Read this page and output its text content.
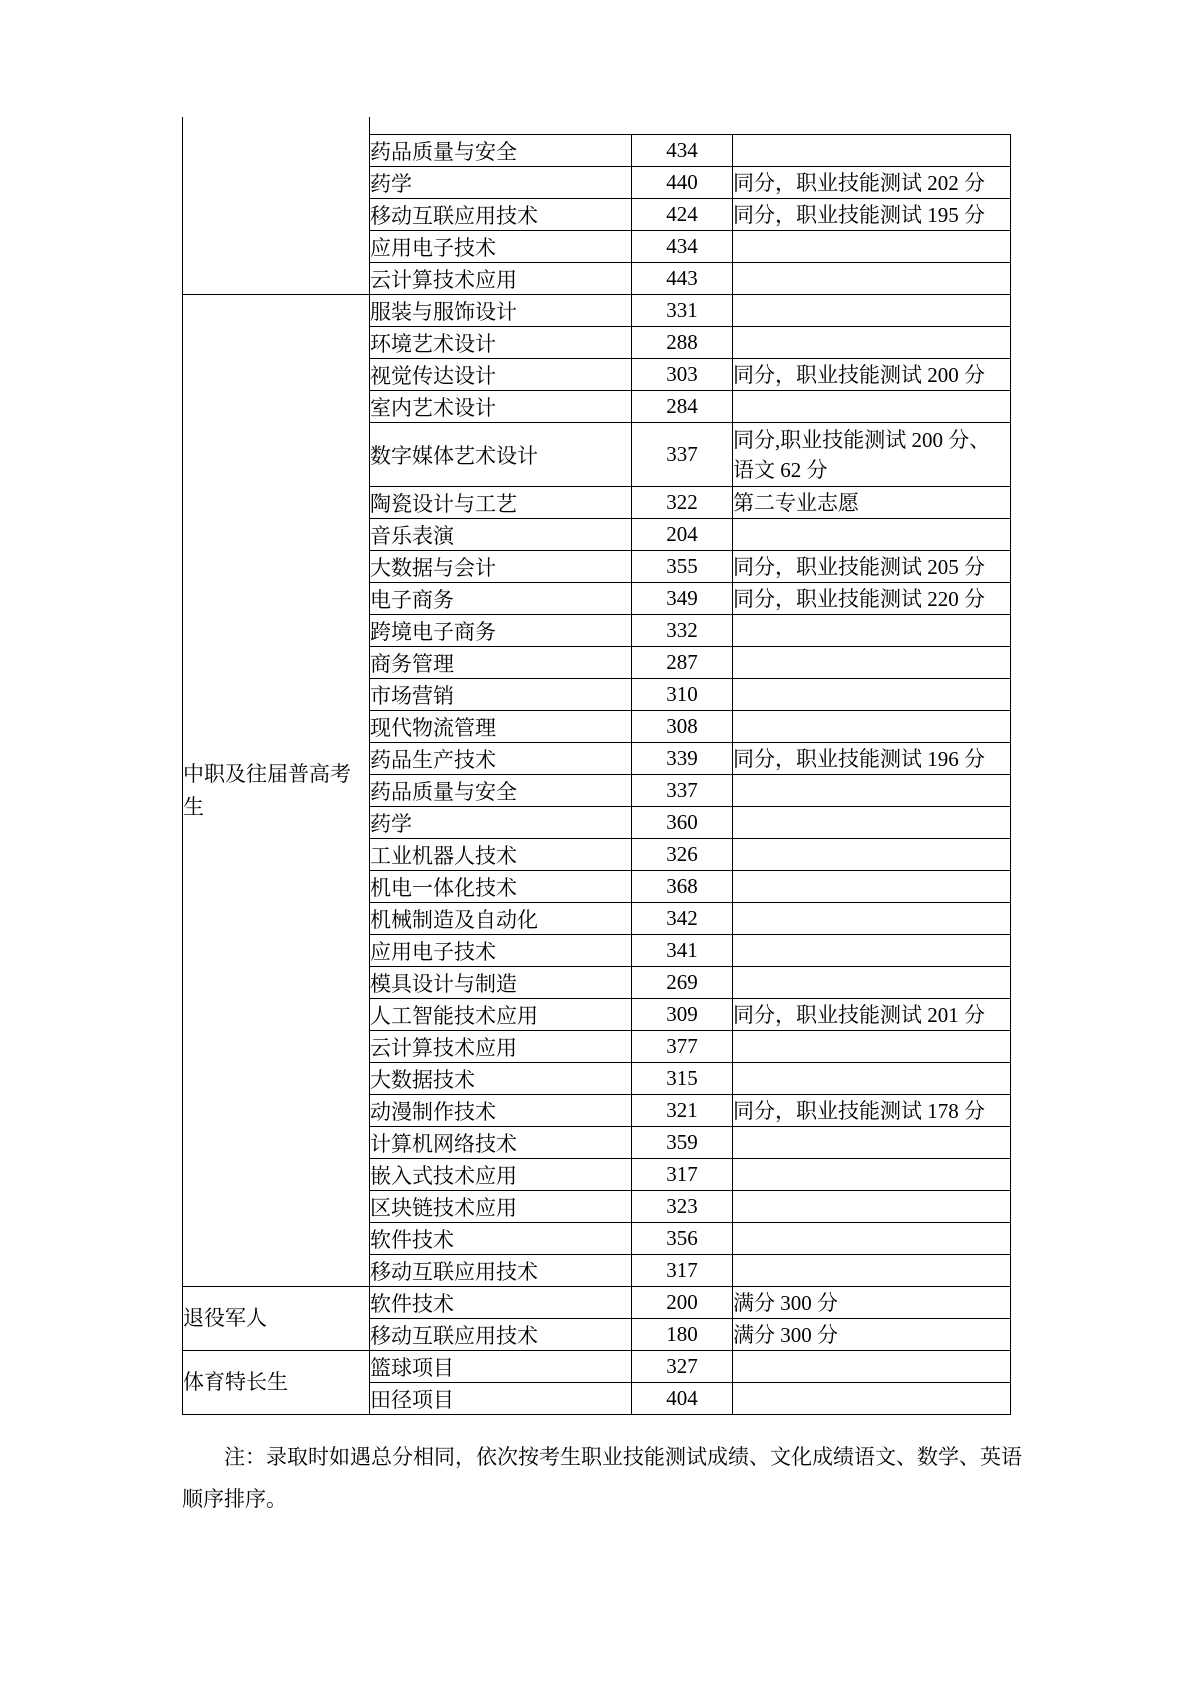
	药品质量与安全	434	
	药学	440	同分，职业技能测试 202 分
	移动互联应用技术	424	同分，职业技能测试 195 分
	应用电子技术	434	
	云计算技术应用	443	
中职及往届普高考生	服装与服饰设计	331	
	环境艺术设计	288	
	视觉传达设计	303	同分，职业技能测试 200 分
	室内艺术设计	284	
	数字媒体艺术设计	337	同分,职业技能测试 200 分、
语文 62 分
	陶瓷设计与工艺	322	第二专业志愿
	音乐表演	204	
	大数据与会计	355	同分，职业技能测试 205 分
	电子商务	349	同分，职业技能测试 220 分
	跨境电子商务	332	
	商务管理	287	
	市场营销	310	
	现代物流管理	308	
	药品生产技术	339	同分，职业技能测试 196 分
	药品质量与安全	337	
	药学	360	
	工业机器人技术	326	
	机电一体化技术	368	
	机械制造及自动化	342	
	应用电子技术	341	
	模具设计与制造	269	
	人工智能技术应用	309	同分，职业技能测试 201 分
	云计算技术应用	377	
	大数据技术	315	
	动漫制作技术	321	同分，职业技能测试 178 分
	计算机网络技术	359	
	嵌入式技术应用	317	
	区块链技术应用	323	
	软件技术	356	
	移动互联应用技术	317	
退役军人	软件技术	200	满分 300 分
	移动互联应用技术	180	满分 300 分
体育特长生	篮球项目	327	
	田径项目	404	
注：录取时如遇总分相同，依次按考生职业技能测试成绩、文化成绩语文、数学、英语
顺序排序。
